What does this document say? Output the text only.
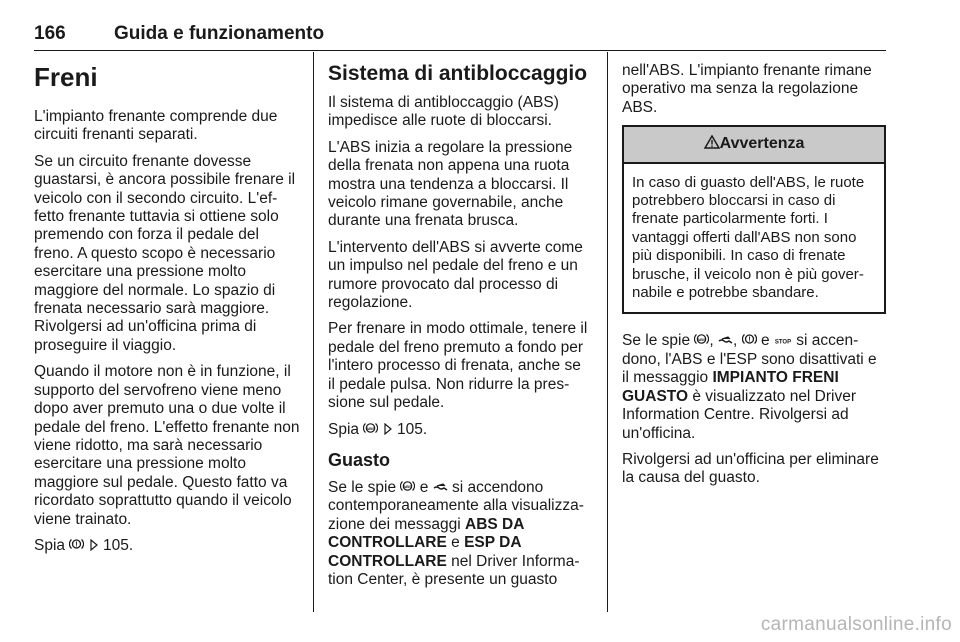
166	Guida e funzionamento
Freni

L'impianto frenante comprende due circuiti frenanti separati.

Se un circuito frenante dovesse guastarsi, è ancora possibile frenare il veicolo con il secondo circuito. L'effetto frenante tuttavia si ottiene solo premendo con forza il pedale del freno. A questo scopo è necessario esercitare una pressione molto maggiore del normale. Lo spazio di frenata necessario sarà maggiore. Rivolgersi ad un'officina prima di proseguire il viaggio.

Quando il motore non è in funzione, il supporto del servofreno viene meno dopo aver premuto una o due volte il pedale del freno. L'effetto frenante non viene ridotto, ma sarà necessario esercitare una pressione molto maggiore sul pedale. Questo fatto va ricordato soprattutto quando il veicolo viene trainato.

Spia ! 105.

Sistema di antibloccaggio

Il sistema di antibloccaggio (ABS) impedisce alle ruote di bloccarsi.

L'ABS inizia a regolare la pressione della frenata non appena una ruota mostra una tendenza a bloccarsi. Il veicolo rimane governabile, anche durante una frenata brusca.

L'intervento dell'ABS si avverte come un impulso nel pedale del freno e un rumore provocato dal processo di regolazione.

Per frenare in modo ottimale, tenere il pedale del freno premuto a fondo per l'intero processo di frenata, anche se il pedale pulsa. Non ridurre la pressione sul pedale.

Spia ABS 105.

Guasto

Se le spie ABS e si accendono contemporaneamente alla visualizzazione dei messaggi ABS DA CONTROLLARE e ESP DA CONTROLLARE nel Driver Information Center, è presente un guasto

nell'ABS. L'impianto frenante rimane operativo ma senza la regolazione ABS.

Avvertenza
In caso di guasto dell'ABS, le ruote potrebbero bloccarsi in caso di frenate particolarmente forti. I vantaggi offerti dall'ABS non sono più disponibili. In caso di frenate brusche, il veicolo non è più governabile e potrebbe sbandare.

Se le spie ABS , , ! e STOP si accendono, l'ABS e l'ESP sono disattivati e il messaggio IMPIANTO FRENI GUASTO è visualizzato nel Driver Information Centre. Rivolgersi ad un'officina.

Rivolgersi ad un'officina per eliminare la causa del guasto.

carmanualsonline.info
